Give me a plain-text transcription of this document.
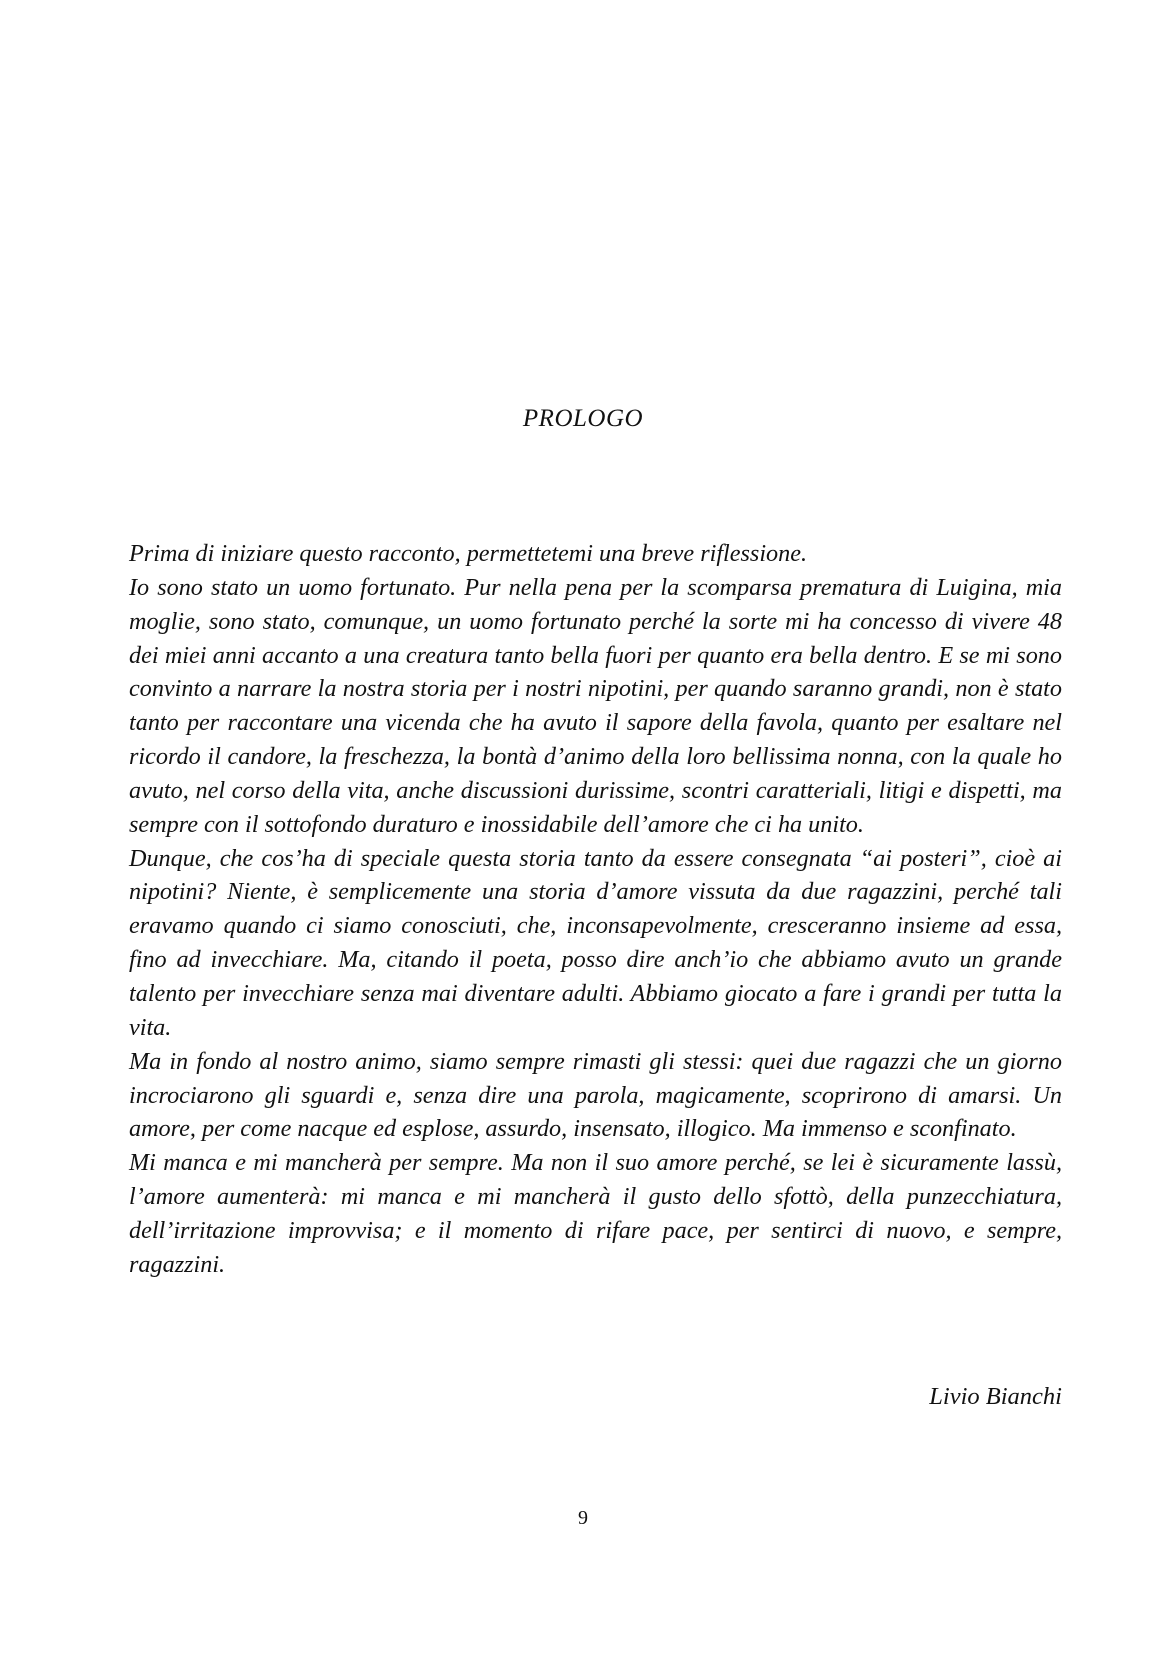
PROLOGO

Prima di iniziare questo racconto, permettetemi una breve riflessione.

Io sono stato un uomo fortunato. Pur nella pena per la scomparsa prematura di Luigina, mia moglie, sono stato, comunque, un uomo fortunato perché la sorte mi ha concesso di vivere 48 dei miei anni accanto a una creatura tanto bella fuori per quanto era bella dentro. E se mi sono convinto a narrare la nostra storia per i nostri nipotini, per quando saranno grandi, non è stato tanto per raccontare una vicenda che ha avuto il sapore della favola, quanto per esaltare nel ricordo il candore, la freschezza, la bontà d’animo della loro bellissima nonna, con la quale ho avuto, nel corso della vita, anche discussioni durissime, scontri caratteriali, litigi e dispetti, ma sempre con il sottofondo duraturo e inossidabile dell’amore che ci ha unito.

Dunque, che cos’ha di speciale questa storia tanto da essere consegnata “ai posteri”, cioè ai nipotini? Niente, è semplicemente una storia d’amore vissuta da due ragazzini, perché tali eravamo quando ci siamo conosciuti, che, inconsapevolmente, cresceranno insieme ad essa, fino ad invecchiare. Ma, citando il poeta, posso dire anch’io che abbiamo avuto un grande talento per invecchiare senza mai diventare adulti. Abbiamo giocato a fare i grandi per tutta la vita.

Ma in fondo al nostro animo, siamo sempre rimasti gli stessi: quei due ragazzi che un giorno incrociarono gli sguardi e, senza dire una parola, magicamente, scoprirono di amarsi. Un amore, per come nacque ed esplose, assurdo, insensato, illogico. Ma immenso e sconfinato.

Mi manca e mi mancherà per sempre. Ma non il suo amore perché, se lei è sicuramente lassù, l’amore aumenterà: mi manca e mi mancherà il gusto dello sfottò, della punzecchiatura, dell’irritazione improvvisa; e il momento di rifare pace, per sentirci di nuovo, e sempre, ragazzini.

Livio Bianchi
9
